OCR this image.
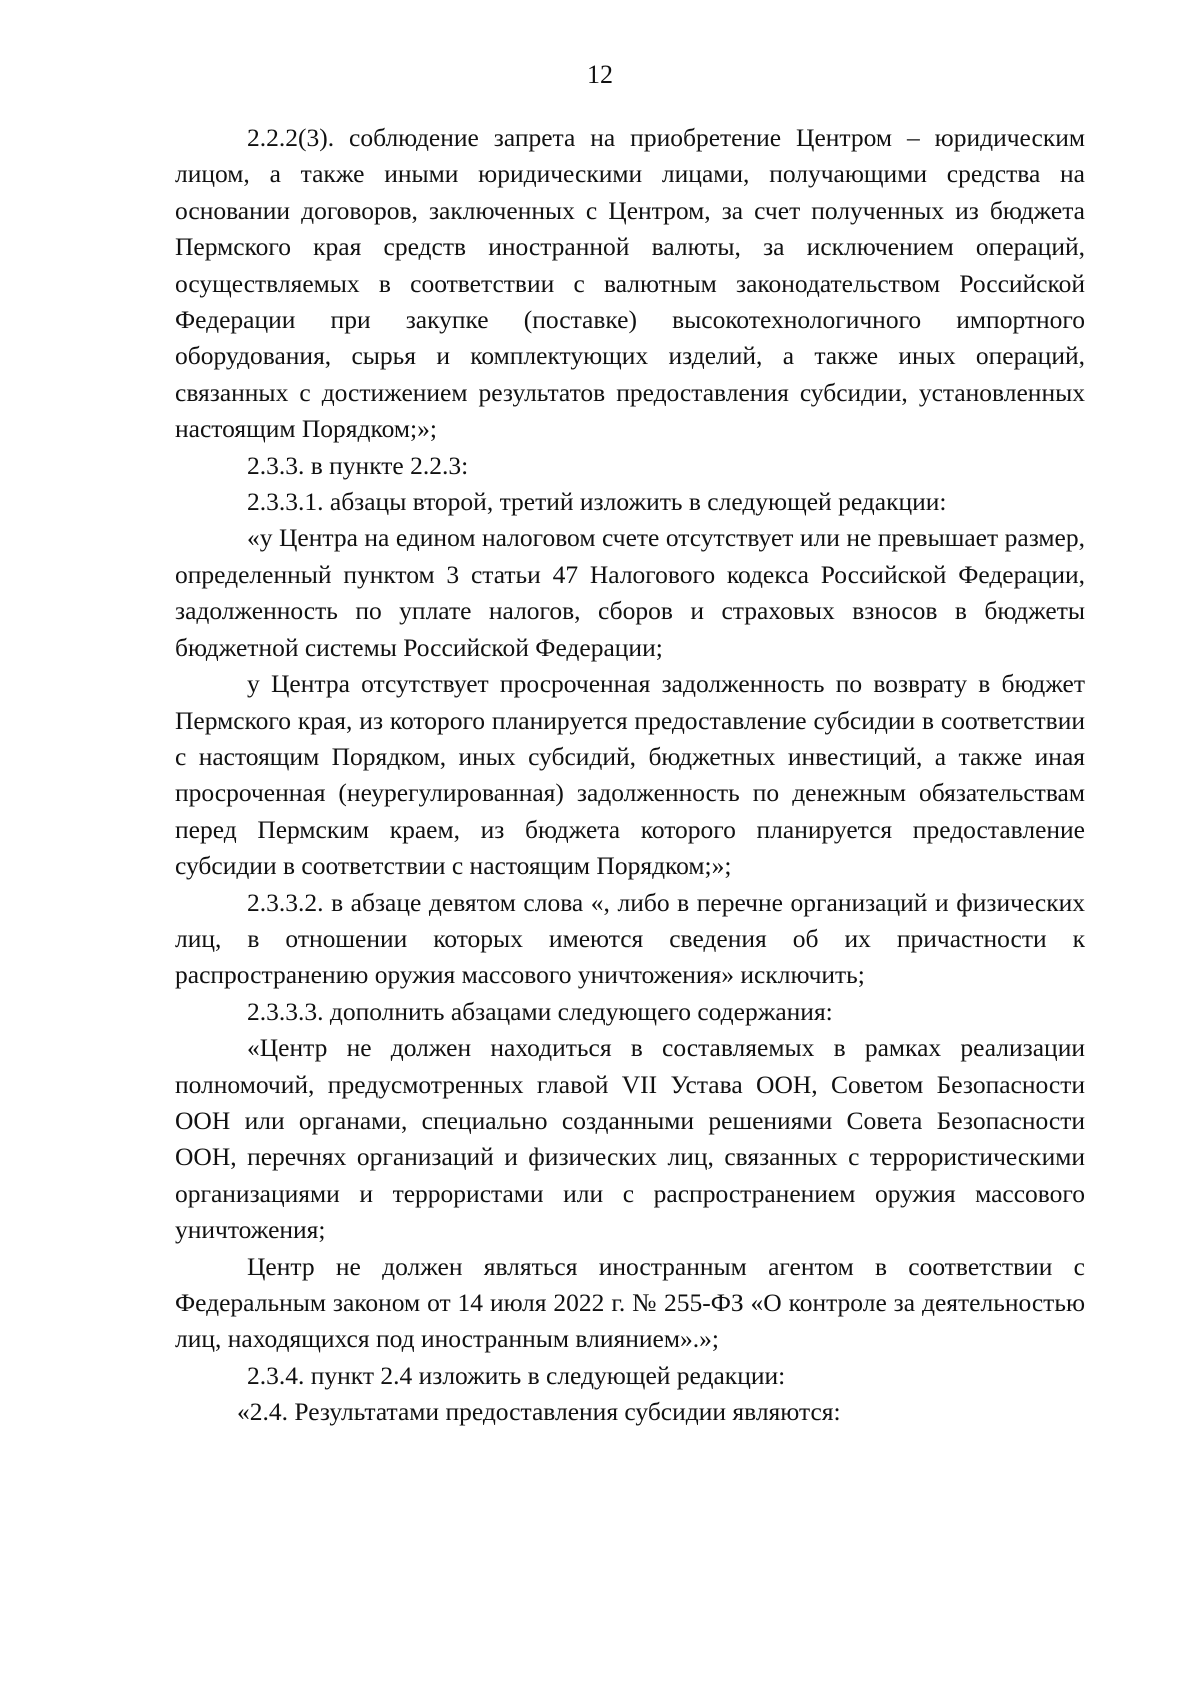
12

2.2.2(3). соблюдение запрета на приобретение Центром – юридическим лицом, а также иными юридическими лицами, получающими средства на основании договоров, заключенных с Центром, за счет полученных из бюджета Пермского края средств иностранной валюты, за исключением операций, осуществляемых в соответствии с валютным законодательством Российской Федерации при закупке (поставке) высокотехнологичного импортного оборудования, сырья и комплектующих изделий, а также иных операций, связанных с достижением результатов предоставления субсидии, установленных настоящим Порядком;»;

2.3.3. в пункте 2.2.3:

2.3.3.1. абзацы второй, третий изложить в следующей редакции:

«у Центра на едином налоговом счете отсутствует или не превышает размер, определенный пунктом 3 статьи 47 Налогового кодекса Российской Федерации, задолженность по уплате налогов, сборов и страховых взносов в бюджеты бюджетной системы Российской Федерации;

у Центра отсутствует просроченная задолженность по возврату в бюджет Пермского края, из которого планируется предоставление субсидии в соответствии с настоящим Порядком, иных субсидий, бюджетных инвестиций, а также иная просроченная (неурегулированная) задолженность по денежным обязательствам перед Пермским краем, из бюджета которого планируется предоставление субсидии в соответствии с настоящим Порядком;»;

2.3.3.2. в абзаце девятом слова «, либо в перечне организаций и физических лиц, в отношении которых имеются сведения об их причастности к распространению оружия массового уничтожения» исключить;

2.3.3.3. дополнить абзацами следующего содержания:

«Центр не должен находиться в составляемых в рамках реализации полномочий, предусмотренных главой VII Устава ООН, Советом Безопасности ООН или органами, специально созданными решениями Совета Безопасности ООН, перечнях организаций и физических лиц, связанных с террористическими организациями и террористами или с распространением оружия массового уничтожения;

Центр не должен являться иностранным агентом в соответствии с Федеральным законом от 14 июля 2022 г. № 255-ФЗ «О контроле за деятельностью лиц, находящихся под иностранным влиянием».»;

2.3.4. пункт 2.4 изложить в следующей редакции:

«2.4. Результатами предоставления субсидии являются:
